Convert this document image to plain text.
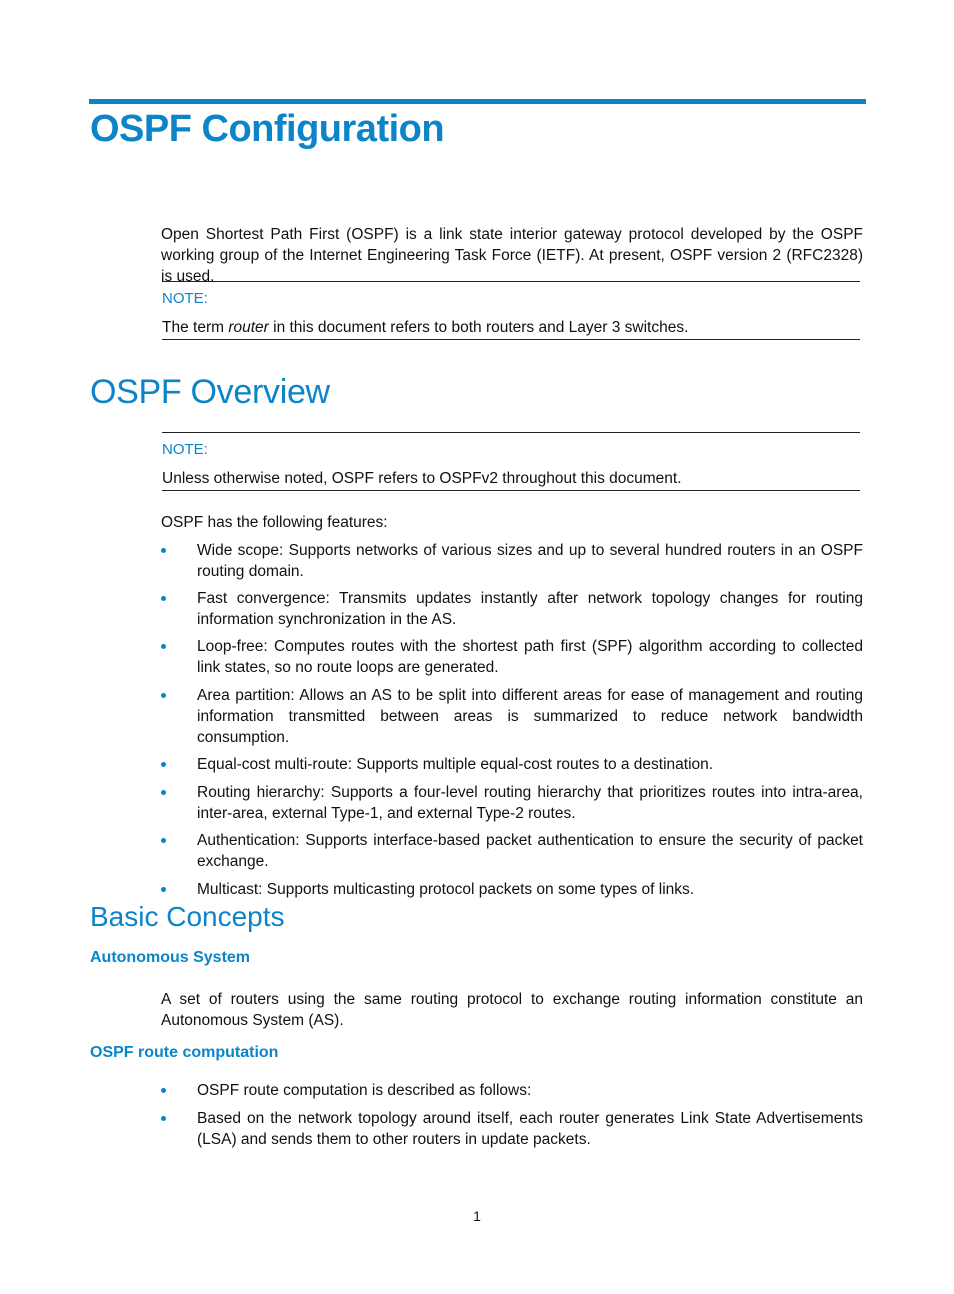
OSPF Configuration
Open Shortest Path First (OSPF) is a link state interior gateway protocol developed by the OSPF working group of the Internet Engineering Task Force (IETF). At present, OSPF version 2 (RFC2328) is used.
NOTE:
The term router in this document refers to both routers and Layer 3 switches.
OSPF Overview
NOTE:
Unless otherwise noted, OSPF refers to OSPFv2 throughout this document.
OSPF has the following features:
Wide scope: Supports networks of various sizes and up to several hundred routers in an OSPF routing domain.
Fast convergence: Transmits updates instantly after network topology changes for routing information synchronization in the AS.
Loop-free: Computes routes with the shortest path first (SPF) algorithm according to collected link states, so no route loops are generated.
Area partition: Allows an AS to be split into different areas for ease of management and routing information transmitted between areas is summarized to reduce network bandwidth consumption.
Equal-cost multi-route: Supports multiple equal-cost routes to a destination.
Routing hierarchy: Supports a four-level routing hierarchy that prioritizes routes into intra-area, inter-area, external Type-1, and external Type-2 routes.
Authentication: Supports interface-based packet authentication to ensure the security of packet exchange.
Multicast: Supports multicasting protocol packets on some types of links.
Basic Concepts
Autonomous System
A set of routers using the same routing protocol to exchange routing information constitute an Autonomous System (AS).
OSPF route computation
OSPF route computation is described as follows:
Based on the network topology around itself, each router generates Link State Advertisements (LSA) and sends them to other routers in update packets.
1
